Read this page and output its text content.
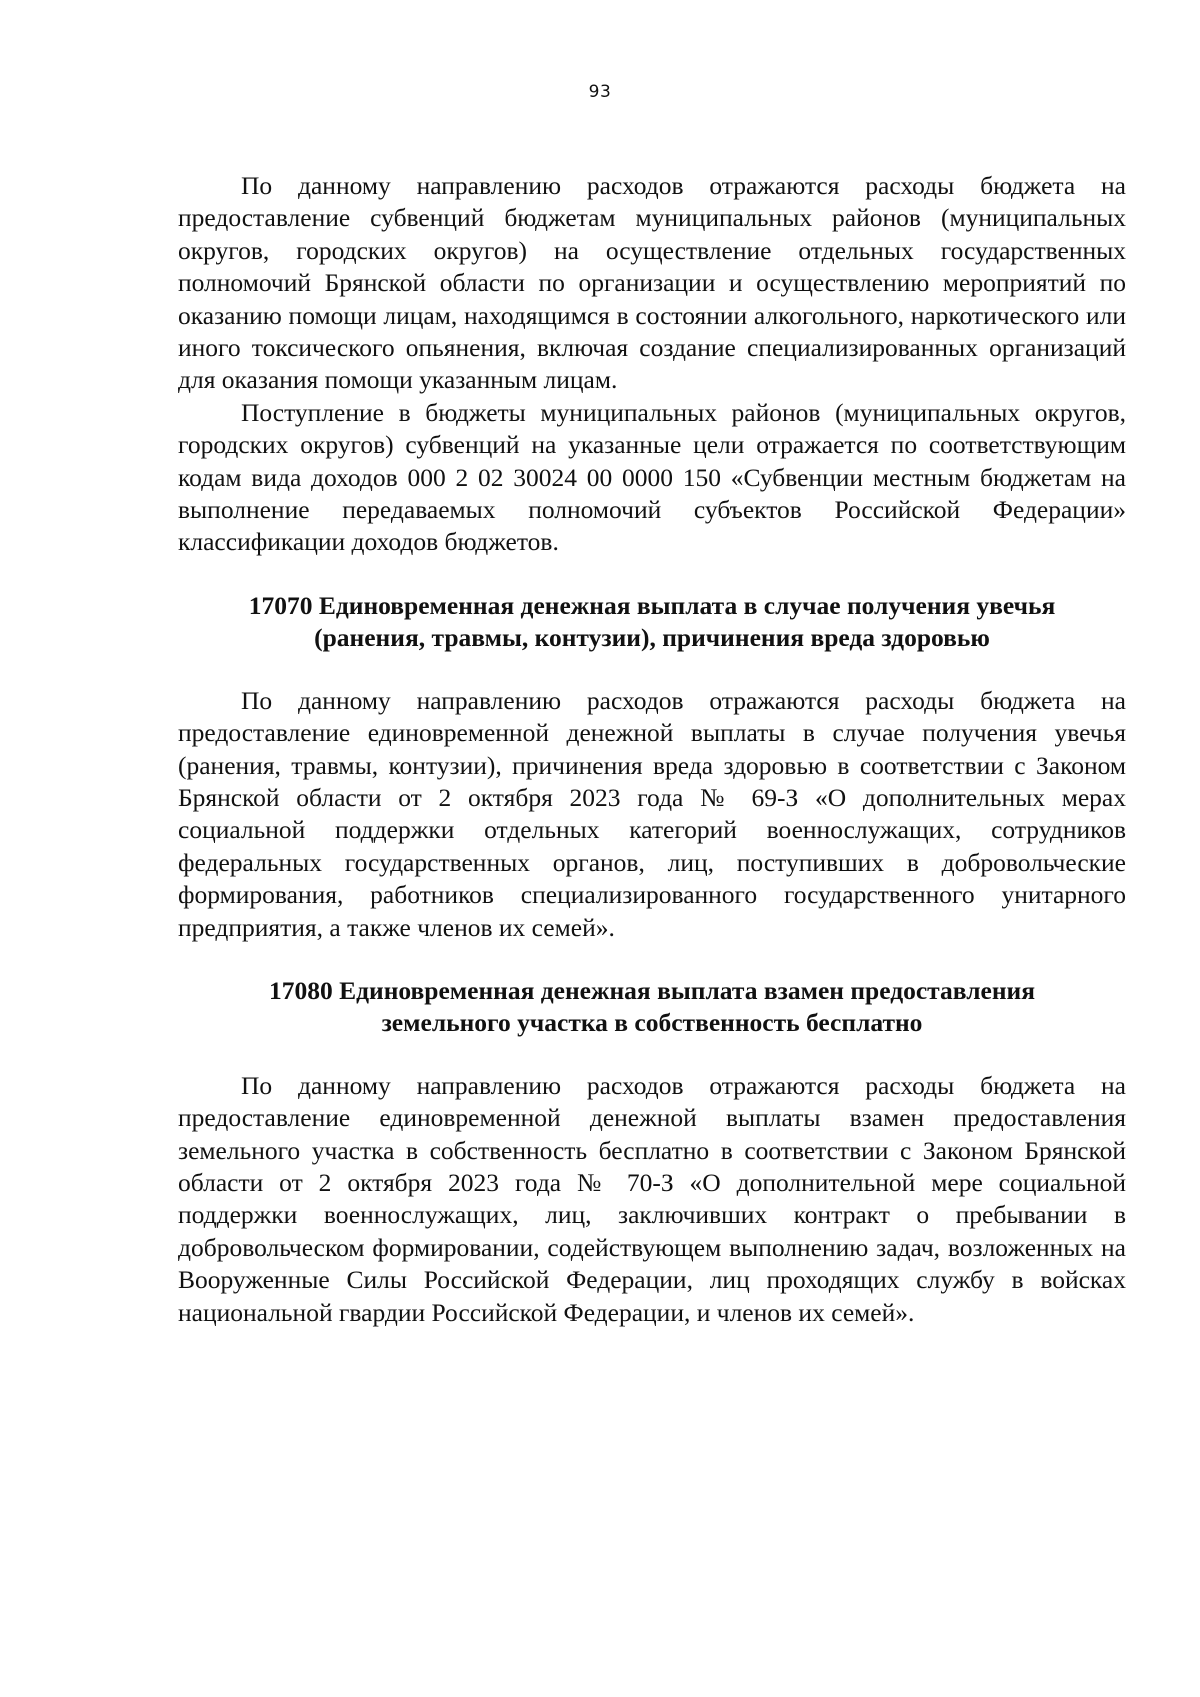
93

По данному направлению расходов отражаются расходы бюджета на предоставление субвенций бюджетам муниципальных районов (муниципальных округов, городских округов) на осуществление отдельных государственных полномочий Брянской области по организации и осуществлению мероприятий по оказанию помощи лицам, находящимся в состоянии алкогольного, наркотического или иного токсического опьянения, включая создание специализированных организаций для оказания помощи указанным лицам.

Поступление в бюджеты муниципальных районов (муниципальных округов, городских округов) субвенций на указанные цели отражается по соответствующим кодам вида доходов 000 2 02 30024 00 0000 150 «Субвенции местным бюджетам на выполнение передаваемых полномочий субъектов Российской Федерации» классификации доходов бюджетов.

17070 Единовременная денежная выплата в случае получения увечья
(ранения, травмы, контузии), причинения вреда здоровью

По данному направлению расходов отражаются расходы бюджета на предоставление единовременной денежной выплаты в случае получения увечья (ранения, травмы, контузии), причинения вреда здоровью в соответствии с Законом Брянской области от 2 октября 2023 года № 69-З «О дополнительных мерах социальной поддержки отдельных категорий военнослужащих, сотрудников федеральных государственных органов, лиц, поступивших в добровольческие формирования, работников специализированного государственного унитарного предприятия, а также членов их семей».

17080 Единовременная денежная выплата взамен предоставления
земельного участка в собственность бесплатно

По данному направлению расходов отражаются расходы бюджета на предоставление единовременной денежной выплаты взамен предоставления земельного участка в собственность бесплатно в соответствии с Законом Брянской области от 2 октября 2023 года № 70-З «О дополнительной мере социальной поддержки военнослужащих, лиц, заключивших контракт о пребывании в добровольческом формировании, содействующем выполнению задач, возложенных на Вооруженные Силы Российской Федерации, лиц проходящих службу в войсках национальной гвардии Российской Федерации, и членов их семей».
